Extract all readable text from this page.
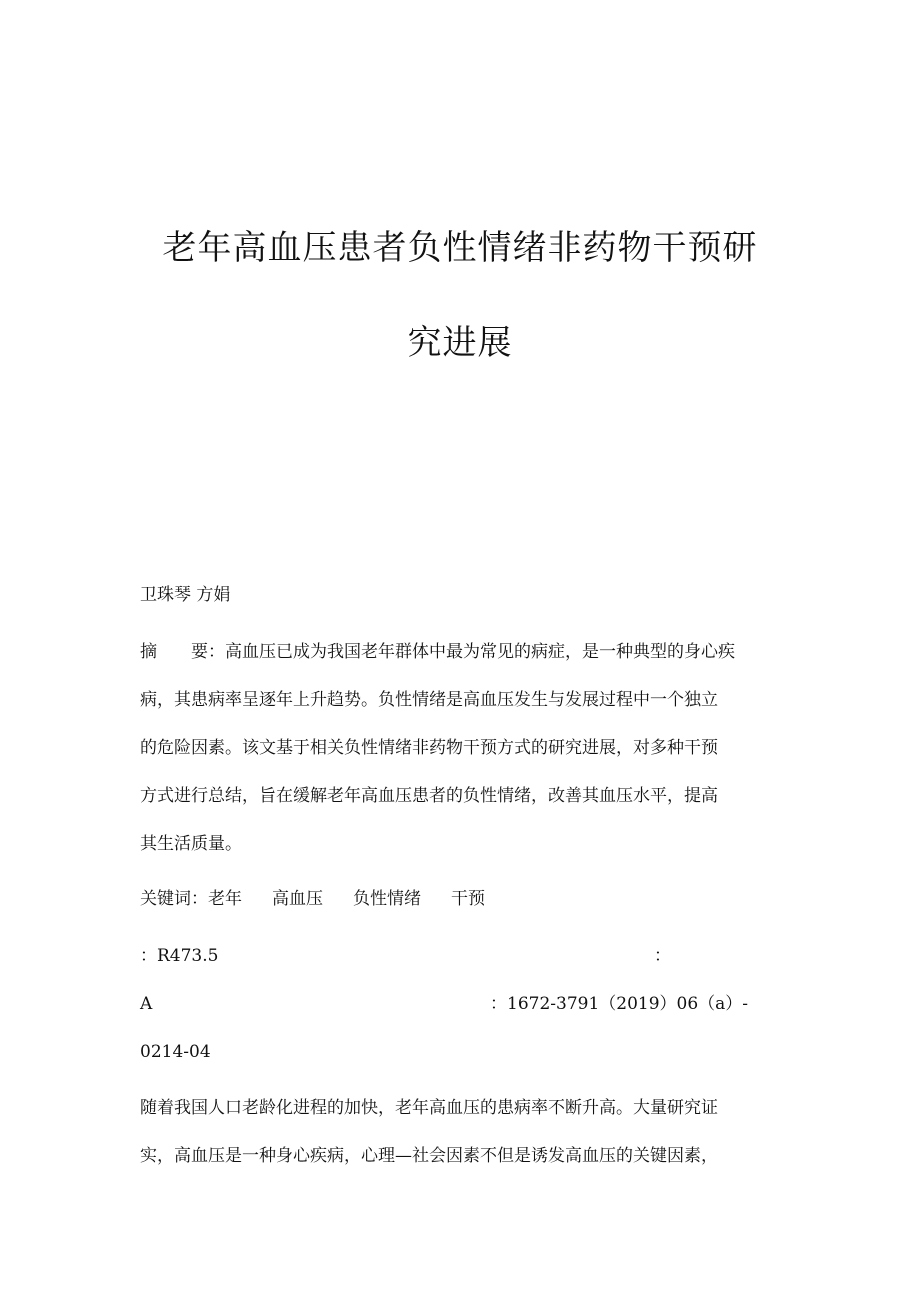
老年高血压患者负性情绪非药物干预研
究进展
卫珠琴 方娟
摘 要：高血压已成为我国老年群体中最为常见的病症，是一种典型的身心疾
病，其患病率呈逐年上升趋势。负性情绪是高血压发生与发展过程中一个独立
的危险因素。该文基于相关负性情绪非药物干预方式的研究进展，对多种干预
方式进行总结，旨在缓解老年高血压患者的负性情绪，改善其血压水平，提高
其生活质量。
关键词：老年 高血压 负性情绪 干预
：R473.5	：
A	：1672-3791（2019）06（a）-
0214-04
随着我国人口老龄化进程的加快，老年高血压的患病率不断升高。大量研究证
实，高血压是一种身心疾病，心理—社会因素不但是诱发高血压的关键因素，
